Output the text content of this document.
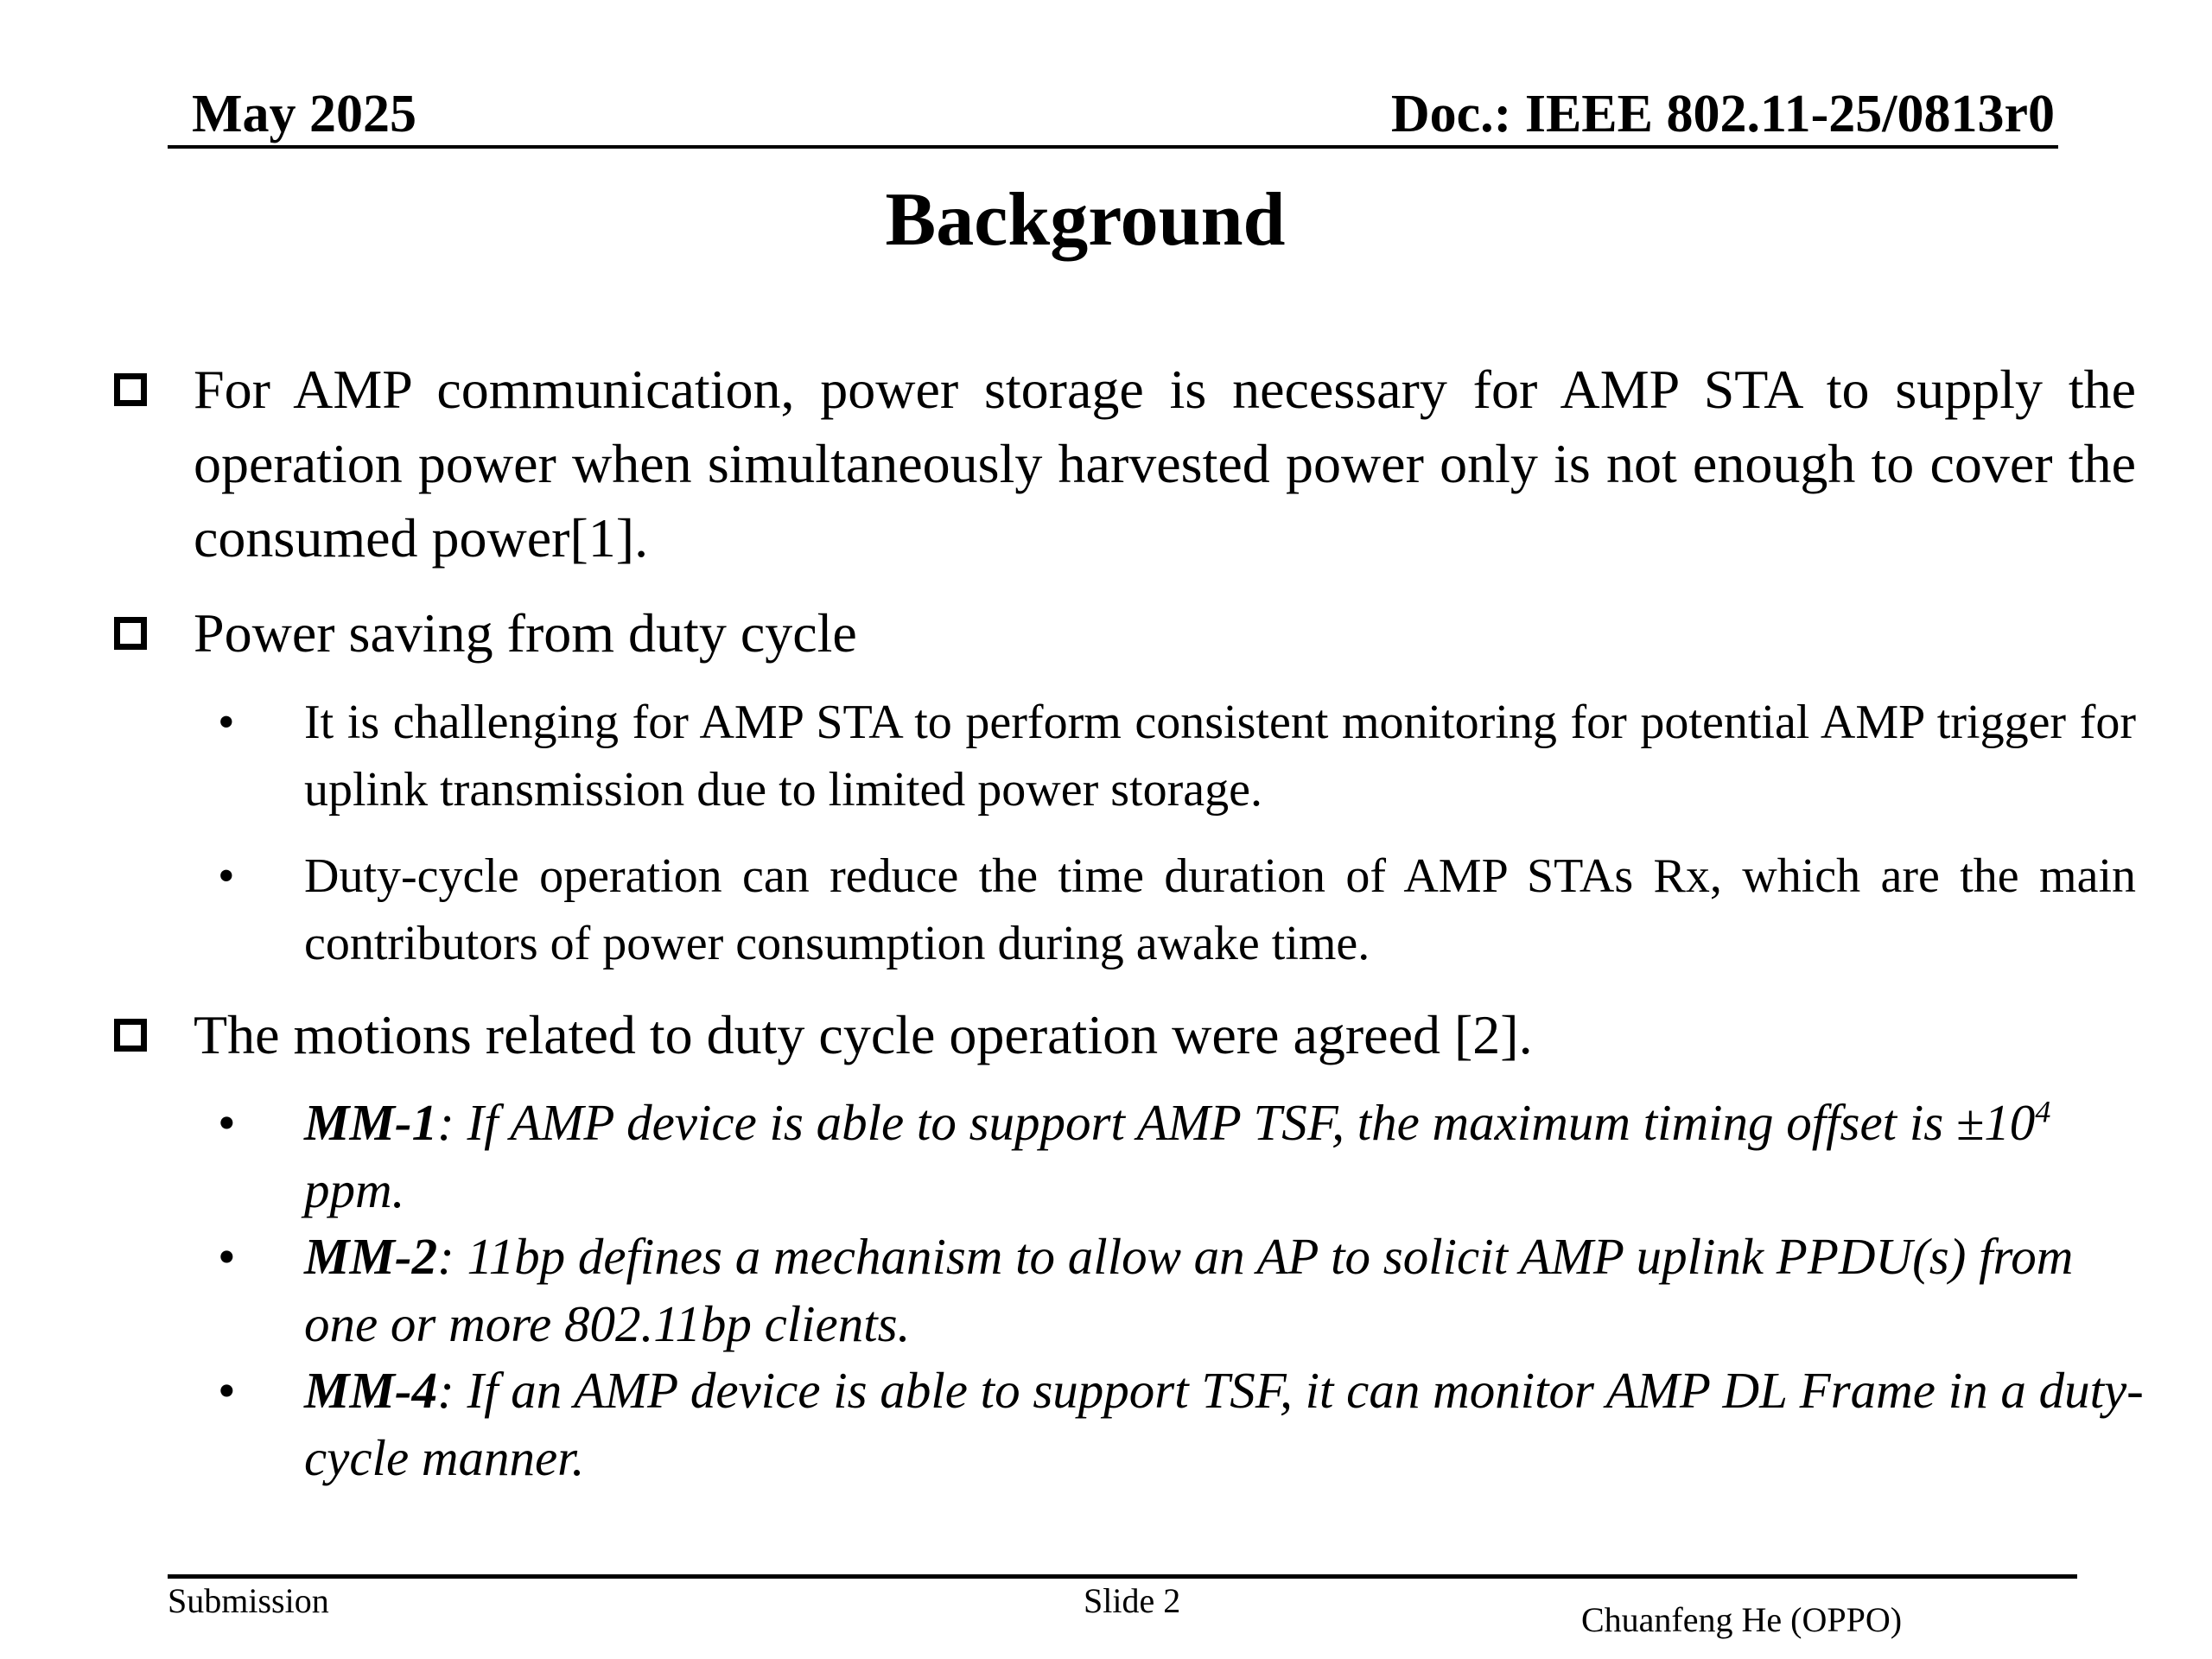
May 2025	Doc.: IEEE 802.11-25/0813r0
Background
For AMP communication, power storage is necessary for AMP STA to supply the operation power when simultaneously harvested power only is not enough to cover the consumed power[1].
Power saving from duty cycle
•	It is challenging for AMP STA to perform consistent monitoring for potential AMP trigger for uplink transmission due to limited power storage.
•	Duty-cycle operation can reduce the time duration of AMP STAs Rx, which are the main contributors of power consumption during awake time.
The motions related to duty cycle operation were agreed [2].
•	MM-1: If AMP device is able to support AMP TSF, the maximum timing offset is $\pm 10^4$ ppm.
•	MM-2: 11bp defines a mechanism to allow an AP to solicit AMP uplink PPDU(s) from one or more 802.11bp clients.
•	MM-4: If an AMP device is able to support TSF, it can monitor AMP DL Frame in a duty-cycle manner.
Submission	Slide 2	Chuanfeng He (OPPO)
